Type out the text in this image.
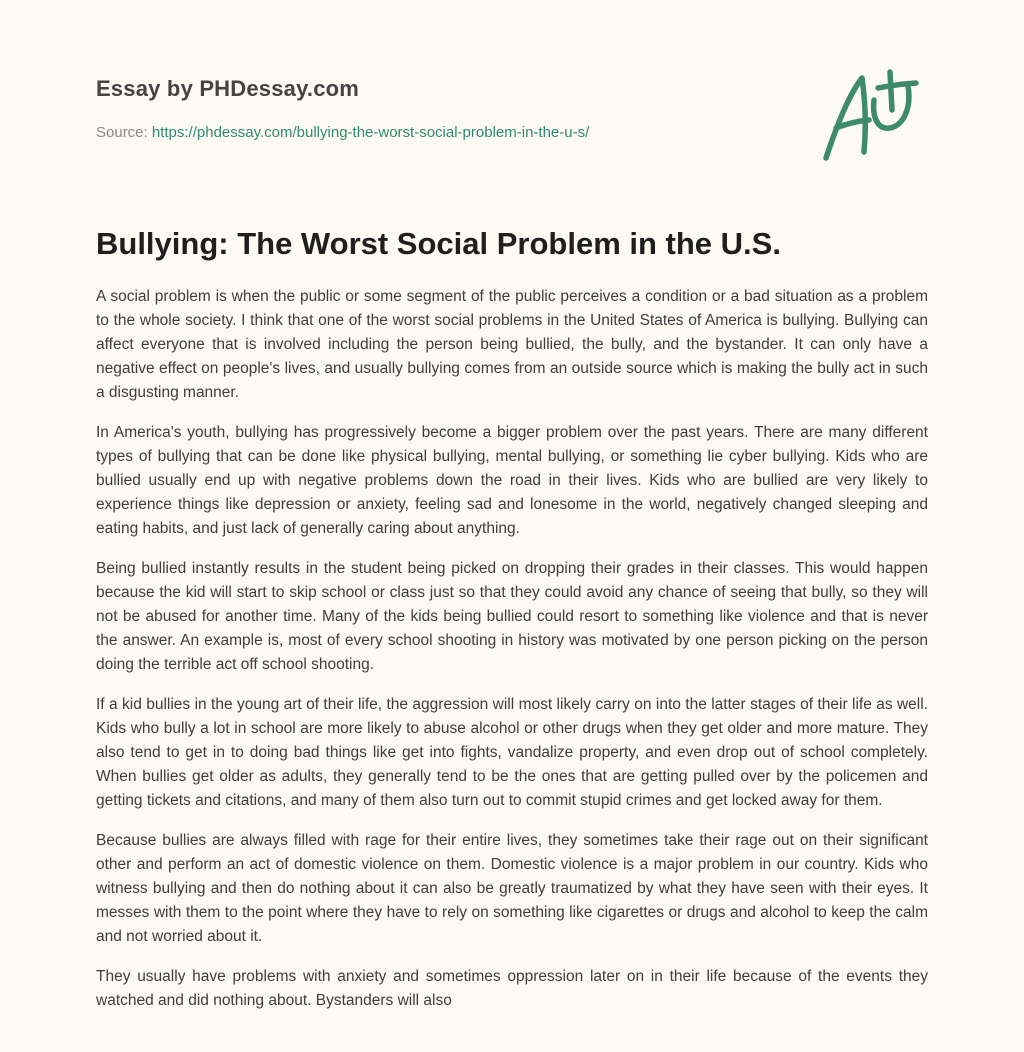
Essay by PHDessay.com
Source: https://phdessay.com/bullying-the-worst-social-problem-in-the-u-s/
Bullying: The Worst Social Problem in the U.S.

A social problem is when the public or some segment of the public perceives a condition or a bad situation as a problem to the whole society. I think that one of the worst social problems in the United States of America is bullying. Bullying can affect everyone that is involved including the person being bullied, the bully, and the bystander. It can only have a negative effect on people's lives, and usually bullying comes from an outside source which is making the bully act in such a disgusting manner.

In America's youth, bullying has progressively become a bigger problem over the past years. There are many different types of bullying that can be done like physical bullying, mental bullying, or something lie cyber bullying. Kids who are bullied usually end up with negative problems down the road in their lives. Kids who are bullied are very likely to experience things like depression or anxiety, feeling sad and lonesome in the world, negatively changed sleeping and eating habits, and just lack of generally caring about anything.

Being bullied instantly results in the student being picked on dropping their grades in their classes. This would happen because the kid will start to skip school or class just so that they could avoid any chance of seeing that bully, so they will not be abused for another time. Many of the kids being bullied could resort to something like violence and that is never the answer. An example is, most of every school shooting in history was motivated by one person picking on the person doing the terrible act off school shooting.

If a kid bullies in the young art of their life, the aggression will most likely carry on into the latter stages of their life as well. Kids who bully a lot in school are more likely to abuse alcohol or other drugs when they get older and more mature. They also tend to get in to doing bad things like get into fights, vandalize property, and even drop out of school completely. When bullies get older as adults, they generally tend to be the ones that are getting pulled over by the policemen and getting tickets and citations, and many of them also turn out to commit stupid crimes and get locked away for them.

Because bullies are always filled with rage for their entire lives, they sometimes take their rage out on their significant other and perform an act of domestic violence on them. Domestic violence is a major problem in our country. Kids who witness bullying and then do nothing about it can also be greatly traumatized by what they have seen with their eyes. It messes with them to the point where they have to rely on something like cigarettes or drugs and alcohol to keep the calm and not worried about it.

They usually have problems with anxiety and sometimes oppression later on in their life because of the events they watched and did nothing about. Bystanders will also
